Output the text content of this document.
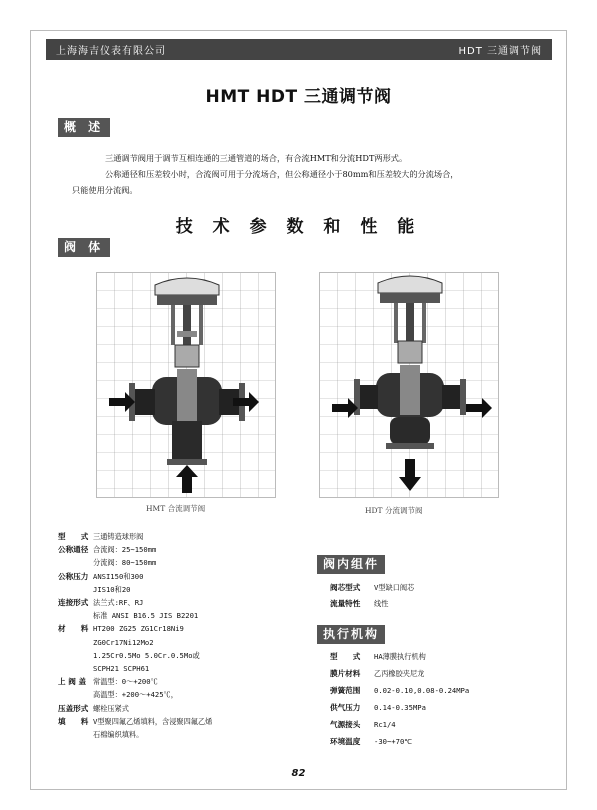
上海海吉仪表有限公司	HDT 三通调节阀
HMT HDT 三通调节阀
概 述

三通调节阀用于调节互相连通的三通管道的场合，有合流HMT和分流HDT两形式。

公称通径和压差较小时，合流阀可用于分流场合，但公称通径小于80mm和压差较大的分流场合，

只能使用分流阀。

技 术 参 数 和 性 能
阀 体
HMT 合流调节阀	HDT 分流调节阀
型　　式 三通铸造球形阀
公称通径 合流阀：25~150mm
分流阀：80~150mm
公称压力 ANSI150和300
JIS10和20
连接形式 法兰式:RF、RJ
标准 ANSI B16.5 JIS B2201
材　　料 HT200 ZG25 ZG1Cr18Ni9
ZG0Cr17Ni12Mo2
1.25Cr0.5Mo 5.0Cr.0.5Mo或
SCPH21 SCPH61
上 阀 盖 常温型：0～+200℃
高温型：+200～+425℃，
压盖形式 螺栓压紧式
填　　料 V型聚四氟乙烯填料，含浸聚四氟乙烯
石棉编织填料。
阀内组件
阀芯型式	V型缺口阀芯
流量特性	线性
执行机构
型　　式	HA薄膜执行机构
膜片材料	乙丙橡胶夹尼龙
弹簧范围	0.02-0.10,0.08-0.24MPa
供气压力	0.14-0.35MPa
气源接头	Rc1/4
环境温度	-30~+70℃
82
